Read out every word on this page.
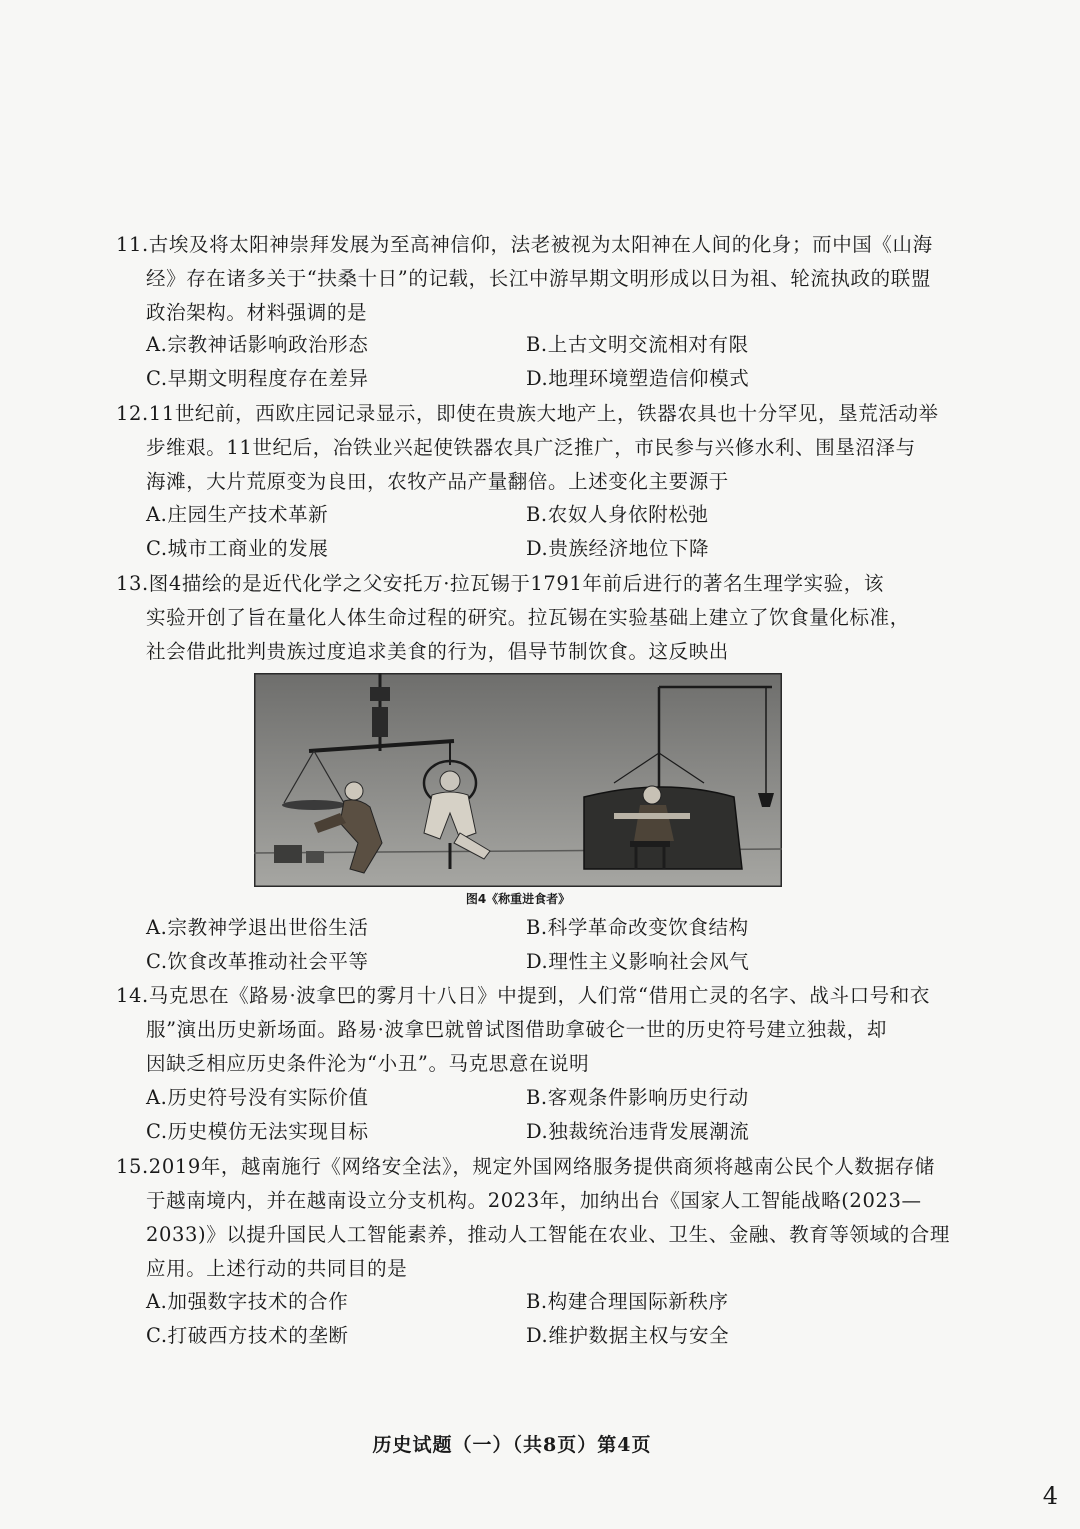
11.古埃及将太阳神崇拜发展为至高神信仰，法老被视为太阳神在人间的化身；而中国《山海
经》存在诸多关于“扶桑十日”的记载，长江中游早期文明形成以日为祖、轮流执政的联盟
政治架构。材料强调的是
A.宗教神话影响政治形态	B.上古文明交流相对有限
C.早期文明程度存在差异	D.地理环境塑造信仰模式
12.11世纪前，西欧庄园记录显示，即使在贵族大地产上，铁器农具也十分罕见，垦荒活动举
步维艰。11世纪后，冶铁业兴起使铁器农具广泛推广，市民参与兴修水利、围垦沼泽与
海滩，大片荒原变为良田，农牧产品产量翻倍。上述变化主要源于
A.庄园生产技术革新	B.农奴人身依附松弛
C.城市工商业的发展	D.贵族经济地位下降
13.图4描绘的是近代化学之父安托万·拉瓦锡于1791年前后进行的著名生理学实验，该
实验开创了旨在量化人体生命过程的研究。拉瓦锡在实验基础上建立了饮食量化标准，
社会借此批判贵族过度追求美食的行为，倡导节制饮食。这反映出
图4《称重进食者》
A.宗教神学退出世俗生活	B.科学革命改变饮食结构
C.饮食改革推动社会平等	D.理性主义影响社会风气
14.马克思在《路易·波拿巴的雾月十八日》中提到，人们常“借用亡灵的名字、战斗口号和衣
服”演出历史新场面。路易·波拿巴就曾试图借助拿破仑一世的历史符号建立独裁，却
因缺乏相应历史条件沦为“小丑”。马克思意在说明
A.历史符号没有实际价值	B.客观条件影响历史行动
C.历史模仿无法实现目标	D.独裁统治违背发展潮流
15.2019年，越南施行《网络安全法》，规定外国网络服务提供商须将越南公民个人数据存储
于越南境内，并在越南设立分支机构。2023年，加纳出台《国家人工智能战略(2023—
2033)》以提升国民人工智能素养，推动人工智能在农业、卫生、金融、教育等领域的合理
应用。上述行动的共同目的是
A.加强数字技术的合作	B.构建合理国际新秩序
C.打破西方技术的垄断	D.维护数据主权与安全
历史试题（一）（共8页）第4页
4
